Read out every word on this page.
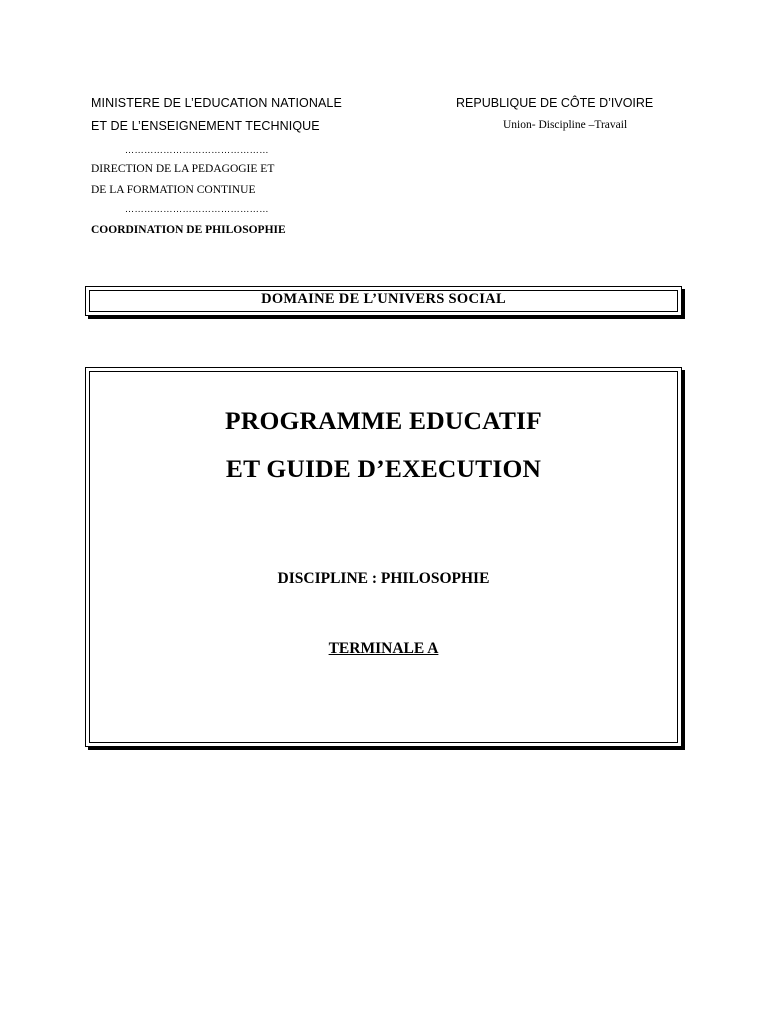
MINISTERE DE L’EDUCATION NATIONALE
ET DE L’ENSEIGNEMENT TECHNIQUE
………………………………………
DIRECTION DE LA PEDAGOGIE ET
DE LA FORMATION CONTINUE
………………………………………
COORDINATION DE PHILOSOPHIE
REPUBLIQUE DE CÔTE D’IVOIRE
Union- Discipline –Travail
DOMAINE DE L’UNIVERS SOCIAL
PROGRAMME EDUCATIF
ET GUIDE D’EXECUTION
DISCIPLINE : PHILOSOPHIE
TERMINALE A
